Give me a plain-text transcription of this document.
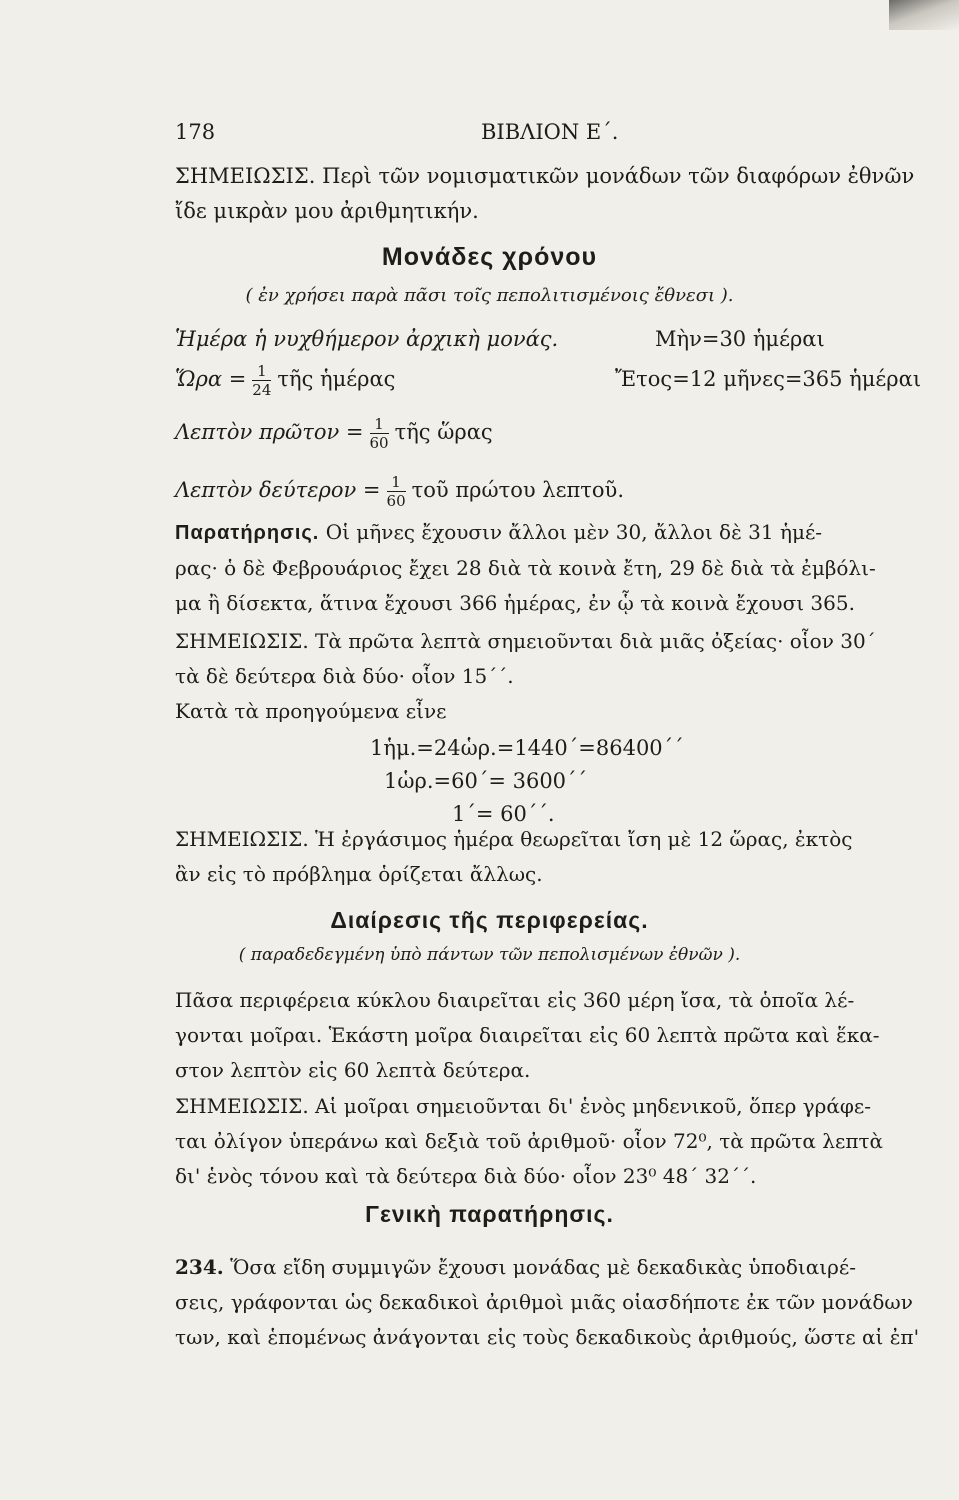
178	ΒΙΒΛΙΟΝ Ε΄.
ΣΗΜΕΙΩΣΙΣ. Περὶ τῶν νομισματικῶν μονάδων τῶν διαφόρων ἐθνῶν
ἴδε μικρὰν μου ἀριθμητικήν.
Μονάδες χρόνου
( ἐν χρήσει παρὰ πᾶσι τοῖς πεπολιτισμένοις ἔθνεσι ).
Ἡμέρα ἡ νυχθήμερον ἀρχικὴ μονάς.	Μὴν=30 ἡμέραι
Ὥρα = $\frac{1}{24}$ τῆς ἡμέρας	Ἔτος=12 μῆνες=365 ἡμέραι
Λεπτὸν πρῶτον = $\frac{1}{60}$ τῆς ὥρας
Λεπτὸν $\delta\varepsilon ύ\tau\varepsilon\rho o\nu = \frac{1}{60}$ τοῦ πρώτου λεπτοῦ.
Παρατήρησις. Οἱ μῆνες ἔχουσιν ἄλλοι μὲν 30, ἄλλοι δὲ 31 ἡμέ-
ρας· ὁ δὲ Φεβρουάριος ἔχει 28 διὰ τὰ κοινὰ ἔτη, 29 δὲ διὰ τὰ ἐμβόλι-
μα ἢ δίσεκτα, ἅτινα ἔχουσι 366 ἡμέρας, ἐν ᾧ τὰ κοινὰ ἔχουσι 365.
ΣΗΜΕΙΩΣΙΣ. Τὰ πρῶτα λεπτὰ σημειοῦνται διὰ μιᾶς ὀξείας· οἷον 30΄
τὰ δὲ δεύτερα διὰ δύο· οἷον 15΄΄.
Κατὰ τὰ προηγούμενα εἶνε
1ἡμ.=24ὡρ.=1440΄=86400΄΄
1ὡρ.=60΄= 3600΄΄
1΄= 60΄΄.
ΣΗΜΕΙΩΣΙΣ. Ἡ ἐργάσιμος ἡμέρα θεωρεῖται ἴση μὲ 12 ὥρας, ἐκτὸς
ἂν εἰς τὸ πρόβλημα ὁρίζεται ἄλλως.
Διαίρεσις τῆς περιφερείας.
( παραδεδεγμένη ὑπὸ πάντων τῶν πεπολισμένων ἐθνῶν ).
Πᾶσα περιφέρεια κύκλου διαιρεῖται εἰς 360 μέρη ἴσα, τὰ ὁποῖα λέ-
γονται μοῖραι. Ἑκάστη μοῖρα διαιρεῖται εἰς 60 λεπτὰ πρῶτα καὶ ἕκα-
στον λεπτὸν εἰς 60 λεπτὰ δεύτερα.
ΣΗΜΕΙΩΣΙΣ. Αἱ μοῖραι σημειοῦνται δι' ἑνὸς μηδενικοῦ, ὅπερ γράφε-
ται ὀλίγον ὑπεράνω καὶ δεξιὰ τοῦ ἀριθμοῦ· οἷον 72⁰, τὰ πρῶτα λεπτὰ
δι' ἑνὸς τόνου καὶ τὰ δεύτερα διὰ δύο· οἷον 23⁰ 48΄ 32΄΄.
Γενικὴ παρατήρησις.
234. Ὅσα εἴδη συμμιγῶν ἔχουσι μονάδας μὲ δεκαδικὰς ὑποδιαιρέ-
σεις, γράφονται ὡς δεκαδικοὶ ἀριθμοὶ μιᾶς οἱασδήποτε ἐκ τῶν μονάδων
των, καὶ ἑπομένως ἀνάγονται εἰς τοὺς δεκαδικοὺς ἀριθμούς, ὥστε αἱ ἐπ'
